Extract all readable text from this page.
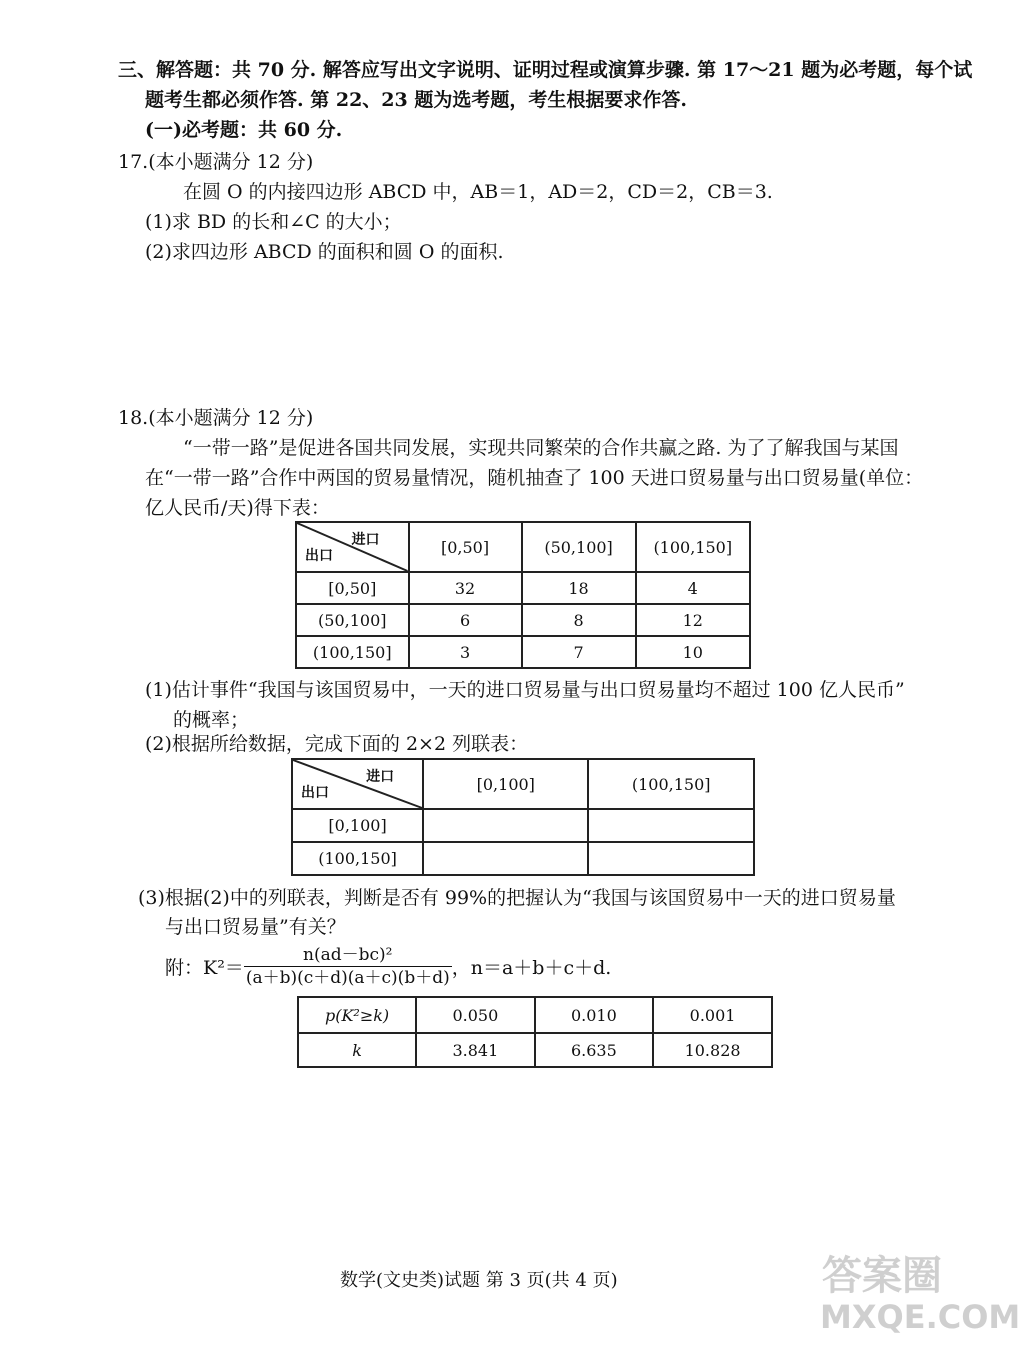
三、解答题：共 70 分. 解答应写出文字说明、证明过程或演算步骤. 第 17～21 题为必考题，每个试
题考生都必须作答. 第 22、23 题为选考题，考生根据要求作答.
(一)必考题：共 60 分.
17.(本小题满分 12 分)
在圆 O 的内接四边形 ABCD 中，AB＝1，AD＝2，CD＝2，CB＝3.
(1)求 BD 的长和∠C 的大小；
(2)求四边形 ABCD 的面积和圆 O 的面积.
18.(本小题满分 12 分)
“一带一路”是促进各国共同发展，实现共同繁荣的合作共赢之路. 为了了解我国与某国
在“一带一路”合作中两国的贸易量情况，随机抽查了 100 天进口贸易量与出口贸易量(单位：
亿人民币/天)得下表：
进口
出口	[0,50]	(50,100]	(100,150]
[0,50]	32	18	4
(50,100]	6	8	12
(100,150]	3	7	10
(1)估计事件“我国与该国贸易中，一天的进口贸易量与出口贸易量均不超过 100 亿人民币”
的概率；
(2)根据所给数据，完成下面的 2×2 列联表：
进口
出口	[0,100]	(100,150]
[0,100]		
(100,150]		
(3)根据(2)中的列联表，判断是否有 99%的把握认为“我国与该国贸易中一天的进口贸易量
与出口贸易量”有关？
附：$K^2= \frac{\text{n(ad－bc)²}}{(a+b)(c+d)(a+c)(b+d)}$ ，n＝a＋b＋c＋d.
p(K²≥k)	0.050	0.010	0.001
k	3.841	6.635	10.828
数学(文史类)试题 第 3 页(共 4 页)	答案圈
MXQE.COM
